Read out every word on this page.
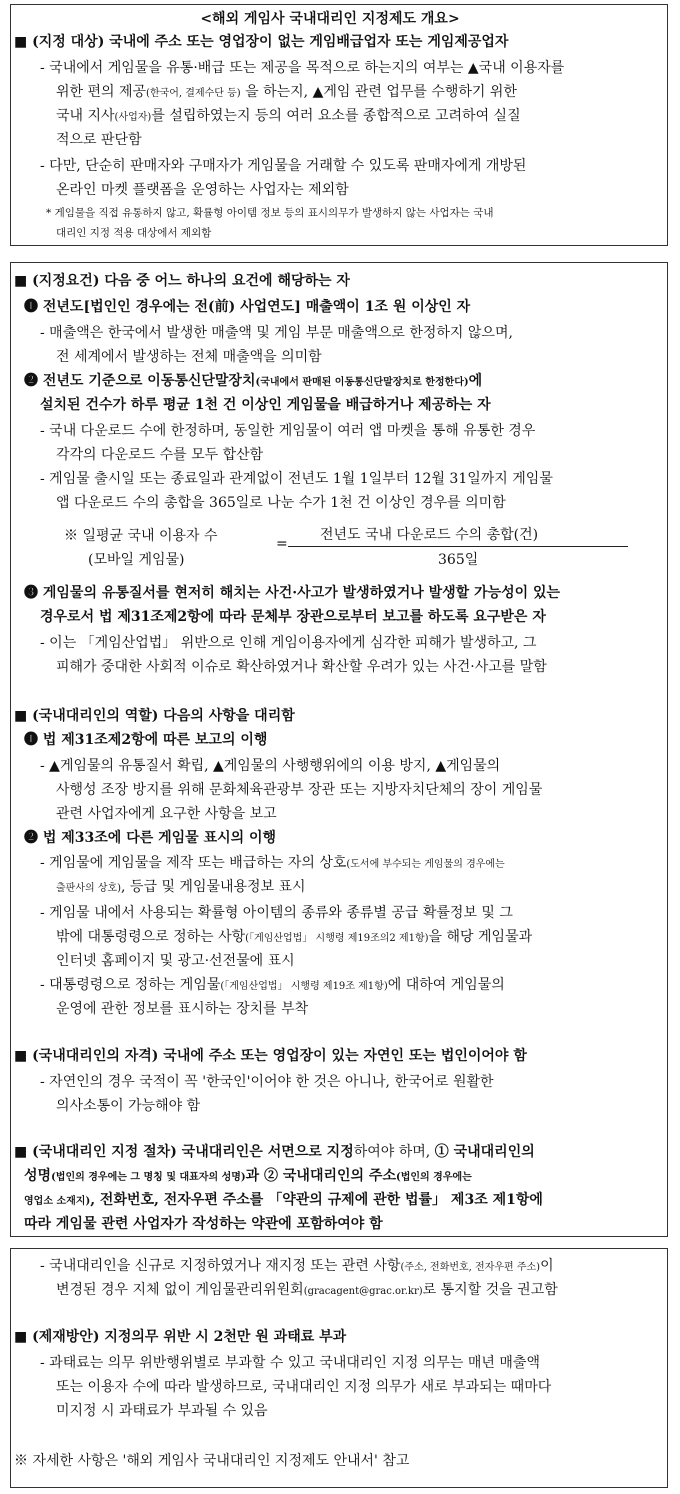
<해외 게임사 국내대리인 지정제도 개요>
■ (지정 대상) 국내에 주소 또는 영업장이 없는 게임배급업자 또는 게임제공업자
- 국내에서 게임물을 유통·배급 또는 제공을 목적으로 하는지의 여부는 ▲국내 이용자를
위한 편의 제공(한국어, 결제수단 등) 을 하는지, ▲게임 관련 업무를 수행하기 위한
국내 지사(사업자)를 설립하였는지 등의 여러 요소를 종합적으로 고려하여 실질
적으로 판단함
- 다만, 단순히 판매자와 구매자가 게임물을 거래할 수 있도록 판매자에게 개방된
온라인 마켓 플랫폼을 운영하는 사업자는 제외함
* 게임물을 직접 유통하지 않고, 확률형 아이템 정보 등의 표시의무가 발생하지 않는 사업자는 국내
대리인 지정 적용 대상에서 제외함
■ (지정요건) 다음 중 어느 하나의 요건에 해당하는 자
❶ 전년도[법인인 경우에는 전(前) 사업연도] 매출액이 1조 원 이상인 자
- 매출액은 한국에서 발생한 매출액 및 게임 부문 매출액으로 한정하지 않으며,
전 세계에서 발생하는 전체 매출액을 의미함
❷ 전년도 기준으로 이동통신단말장치(국내에서 판매된 이동통신단말장치로 한정한다)에
설치된 건수가 하루 평균 1천 건 이상인 게임물을 배급하거나 제공하는 자
- 국내 다운로드 수에 한정하며, 동일한 게임물이 여러 앱 마켓을 통해 유통한 경우
각각의 다운로드 수를 모두 합산함
- 게임물 출시일 또는 종료일과 관계없이 전년도 1월 1일부터 12월 31일까지 게임물
앱 다운로드 수의 총합을 365일로 나눈 수가 1천 건 이상인 경우를 의미함
※ 일평균 국내 이용자 수
(모바일 게임물)
=
전년도 국내 다운로드 수의 총합(건)
365일
❸ 게임물의 유통질서를 현저히 해치는 사건·사고가 발생하였거나 발생할 가능성이 있는
경우로서 법 제31조제2항에 따라 문체부 장관으로부터 보고를 하도록 요구받은 자
- 이는 「게임산업법」 위반으로 인해 게임이용자에게 심각한 피해가 발생하고, 그
피해가 중대한 사회적 이슈로 확산하였거나 확산할 우려가 있는 사건·사고를 말함
■ (국내대리인의 역할) 다음의 사항을 대리함
❶ 법 제31조제2항에 따른 보고의 이행
- ▲게임물의 유통질서 확립, ▲게임물의 사행행위에의 이용 방지, ▲게임물의
사행성 조장 방지를 위해 문화체육관광부 장관 또는 지방자치단체의 장이 게임물
관련 사업자에게 요구한 사항을 보고
❷ 법 제33조에 다른 게임물 표시의 이행
- 게임물에 게임물을 제작 또는 배급하는 자의 상호(도서에 부수되는 게임물의 경우에는
출판사의 상호), 등급 및 게임물내용정보 표시
- 게임물 내에서 사용되는 확률형 아이템의 종류와 종류별 공급 확률정보 및 그
밖에 대통령령으로 정하는 사항(「게임산업법」 시행령 제19조의2 제1항)을 해당 게임물과
인터넷 홈페이지 및 광고·선전물에 표시
- 대통령령으로 정하는 게임물(「게임산업법」 시행령 제19조 제1항)에 대하여 게임물의
운영에 관한 정보를 표시하는 장치를 부착
■ (국내대리인의 자격) 국내에 주소 또는 영업장이 있는 자연인 또는 법인이어야 함
- 자연인의 경우 국적이 꼭 '한국인'이어야 한 것은 아니나, 한국어로 원활한
의사소통이 가능해야 함
■ (국내대리인 지정 절차) 국내대리인은 서면으로 지정하여야 하며, ① 국내대리인의
성명(법인의 경우에는 그 명칭 및 대표자의 성명)과 ② 국내대리인의 주소(법인의 경우에는
영업소 소재지), 전화번호, 전자우편 주소를 「약관의 규제에 관한 법률」 제3조 제1항에
따라 게임물 관련 사업자가 작성하는 약관에 포함하여야 함
- 국내대리인을 신규로 지정하였거나 재지정 또는 관련 사항(주소, 전화번호, 전자우편 주소)이
변경된 경우 지체 없이 게임물관리위원회(gracagent@grac.or.kr)로 통지할 것을 권고함
■ (제재방안) 지정의무 위반 시 2천만 원 과태료 부과
- 과태료는 의무 위반행위별로 부과할 수 있고 국내대리인 지정 의무는 매년 매출액
또는 이용자 수에 따라 발생하므로, 국내대리인 지정 의무가 새로 부과되는 때마다
미지정 시 과태료가 부과될 수 있음
※ 자세한 사항은 '해외 게임사 국내대리인 지정제도 안내서' 참고
